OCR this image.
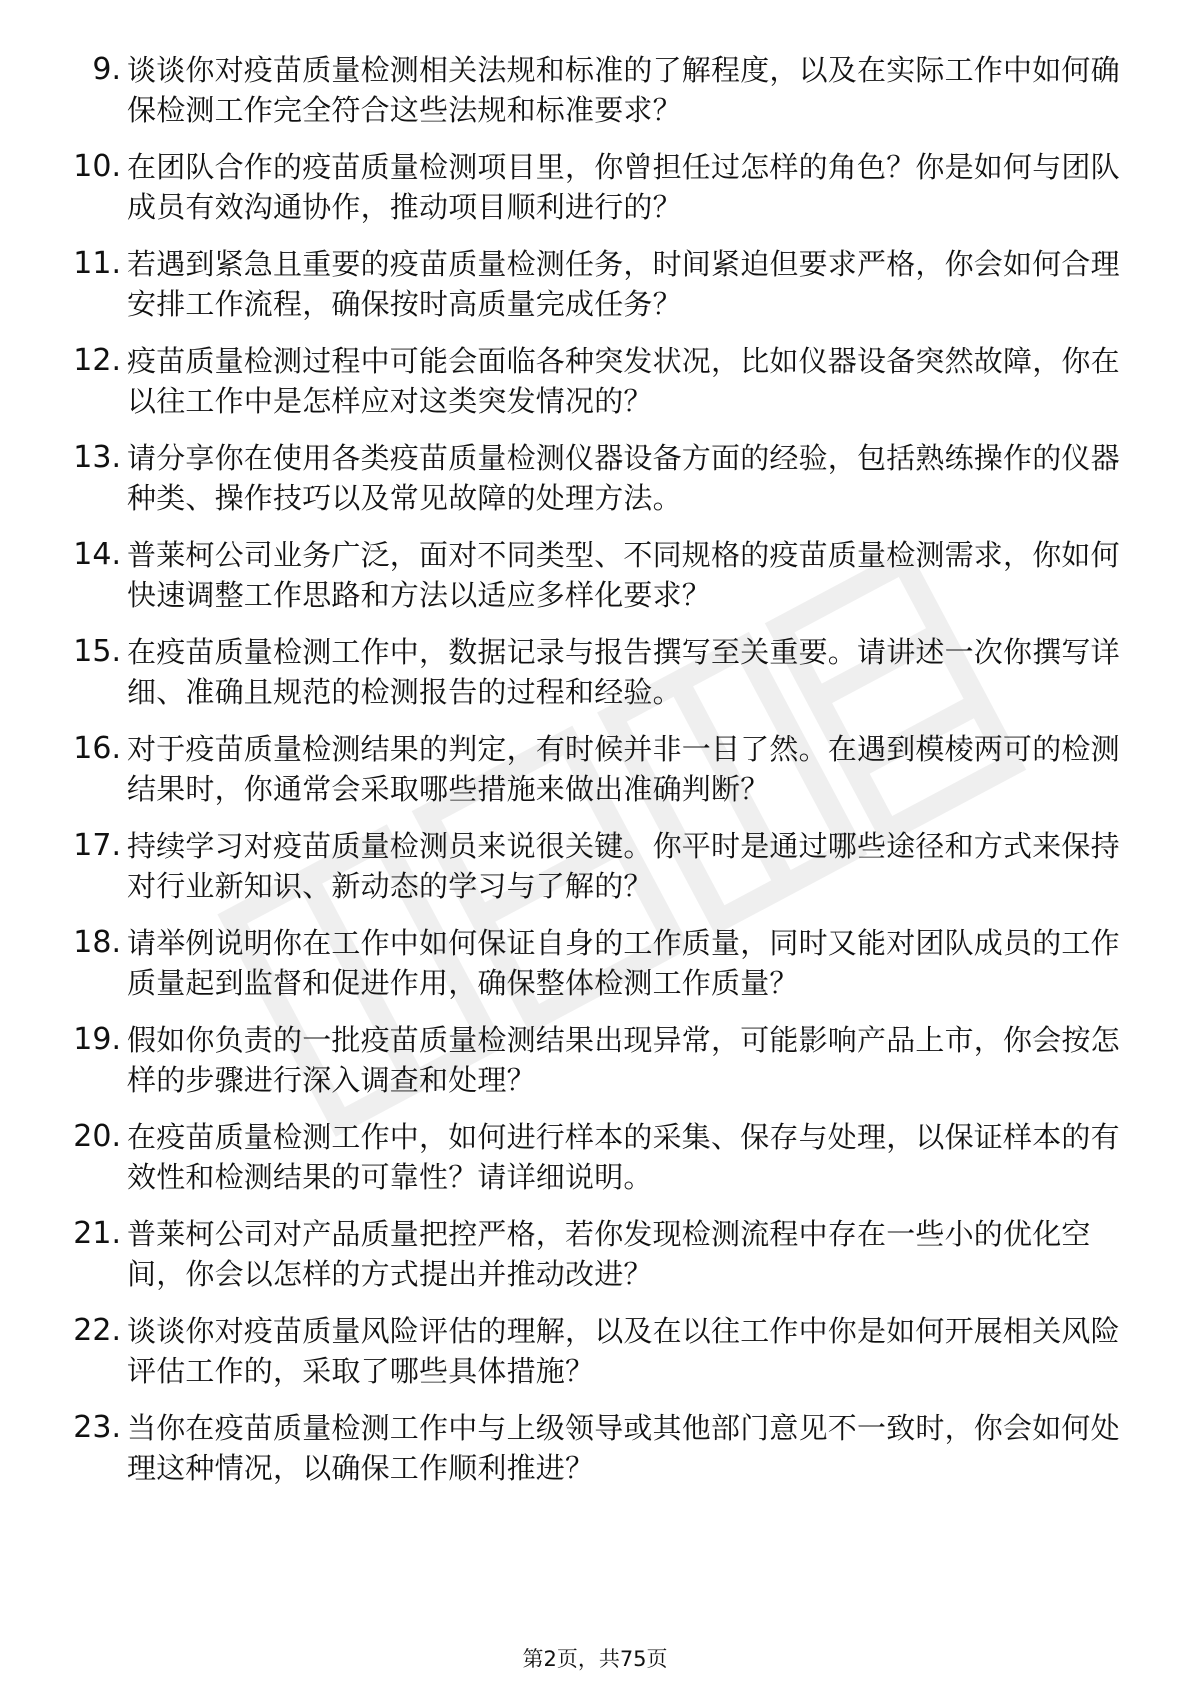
9. 谈谈你对疫苗质量检测相关法规和标准的了解程度，以及在实际工作中如何确保检测工作完全符合这些法规和标准要求？
10. 在团队合作的疫苗质量检测项目里，你曾担任过怎样的角色？你是如何与团队成员有效沟通协作，推动项目顺利进行的？
11. 若遇到紧急且重要的疫苗质量检测任务，时间紧迫但要求严格，你会如何合理安排工作流程，确保按时高质量完成任务？
12. 疫苗质量检测过程中可能会面临各种突发状况，比如仪器设备突然故障，你在以往工作中是怎样应对这类突发情况的？
13. 请分享你在使用各类疫苗质量检测仪器设备方面的经验，包括熟练操作的仪器种类、操作技巧以及常见故障的处理方法。
14. 普莱柯公司业务广泛，面对不同类型、不同规格的疫苗质量检测需求，你如何快速调整工作思路和方法以适应多样化要求？
15. 在疫苗质量检测工作中，数据记录与报告撰写至关重要。请讲述一次你撰写详细、准确且规范的检测报告的过程和经验。
16. 对于疫苗质量检测结果的判定，有时候并非一目了然。在遇到模棱两可的检测结果时，你通常会采取哪些措施来做出准确判断？
17. 持续学习对疫苗质量检测员来说很关键。你平时是通过哪些途径和方式来保持对行业新知识、新动态的学习与了解的？
18. 请举例说明你在工作中如何保证自身的工作质量，同时又能对团队成员的工作质量起到监督和促进作用，确保整体检测工作质量？
19. 假如你负责的一批疫苗质量检测结果出现异常，可能影响产品上市，你会按怎样的步骤进行深入调查和处理？
20. 在疫苗质量检测工作中，如何进行样本的采集、保存与处理，以保证样本的有效性和检测结果的可靠性？请详细说明。
21. 普莱柯公司对产品质量把控严格，若你发现检测流程中存在一些小的优化空间，你会以怎样的方式提出并推动改进？
22. 谈谈你对疫苗质量风险评估的理解，以及在以往工作中你是如何开展相关风险评估工作的，采取了哪些具体措施？
23. 当你在疫苗质量检测工作中与上级领导或其他部门意见不一致时，你会如何处理这种情况，以确保工作顺利推进？
第2页，共75页
